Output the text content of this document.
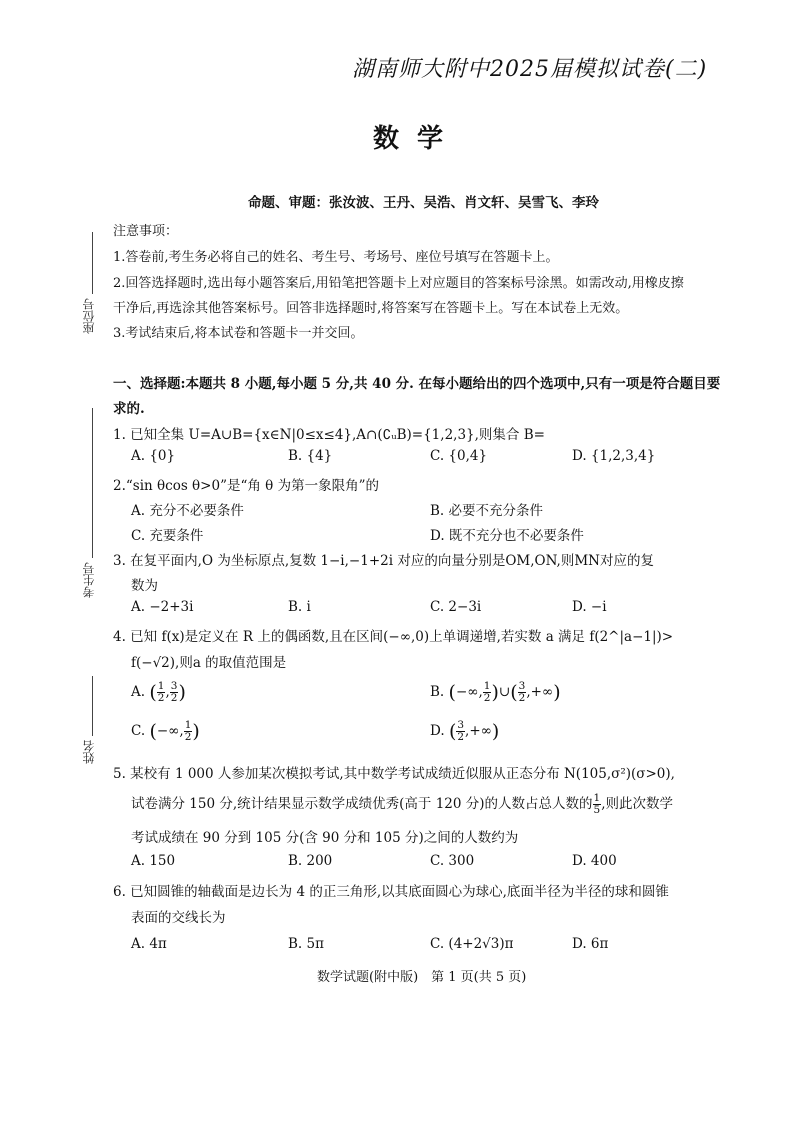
湖南师大附中2025届模拟试卷(二)
数学
命题、审题：张汝波、王丹、吴浩、肖文轩、吴雪飞、李玲
座位号
考生号
姓名
注意事项：
1.答卷前,考生务必将自己的姓名、考生号、考场号、座位号填写在答题卡上。
2.回答选择题时,选出每小题答案后,用铅笔把答题卡上对应题目的答案标号涂黑。如需改动,用橡皮擦
干净后,再选涂其他答案标号。回答非选择题时,将答案写在答题卡上。写在本试卷上无效。
3.考试结束后,将本试卷和答题卡一并交回。
一、选择题:本题共 8 小题,每小题 5 分,共 40 分. 在每小题给出的四个选项中,只有一项是符合题目要
求的.
1. 已知全集 U=A∪B={x∈N|0≤x≤4},A∩(∁ᵤB)={1,2,3},则集合 B=
A. {0}	B. {4}	C. {0,4}	D. {1,2,3,4}
2.“sin θcos θ>0”是“角 θ 为第一象限角”的
A. 充分不必要条件	B. 必要不充分条件
C. 充要条件	D. 既不充分也不必要条件
3. 在复平面内,O 为坐标原点,复数 1−i,−1+2i 对应的向量分别是OM,ON,则MN对应的复
数为
A. −2+3i	B. i	C. 2−3i	D. −i
4. 已知 f(x)是定义在 R 上的偶函数,且在区间(−∞,0)上单调递增,若实数 a 满足 f(2^|a−1|)>
f(−√2),则a 的取值范围是
A. ( $\frac{1}{2}$ , $\frac{3}{2}$ )	B. (−∞, $\frac{1}{2}$ )∪( $\frac{3}{2}$ ,+∞)
C. (−∞, $\frac{1}{2}$ )	D. ( $\frac{3}{2}$ ,+∞)
5. 某校有 1 000 人参加某次模拟考试,其中数学考试成绩近似服从正态分布 N(105,σ²)(σ>0),
试卷满分 150 分,统计结果显示数学成绩优秀(高于 120 分)的人数占总人数的 $\frac{1}{5}$ ,则此次数学
考试成绩在 90 分到 105 分(含 90 分和 105 分)之间的人数约为
A. 150	B. 200	C. 300	D. 400
6. 已知圆锥的轴截面是边长为 4 的正三角形,以其底面圆心为球心,底面半径为半径的球和圆锥
表面的交线长为
A. 4π	B. 5π	C. (4+2√3)π	D. 6π
数学试题(附中版)　第 1 页(共 5 页)
